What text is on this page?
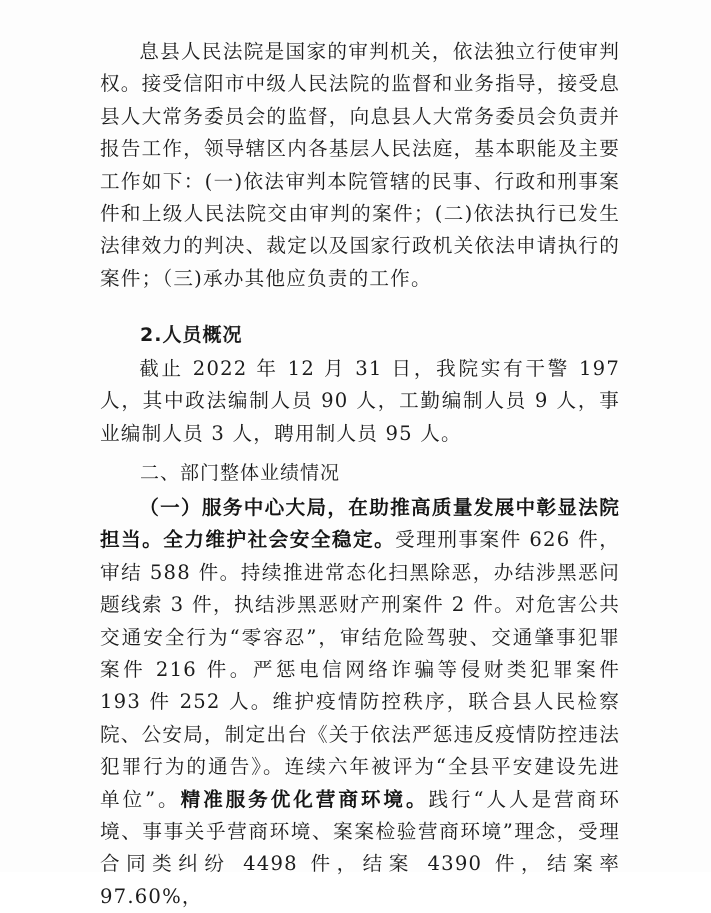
息县人民法院是国家的审判机关，依法独立行使审判权。接受信阳市中级人民法院的监督和业务指导，接受息县人大常务委员会的监督，向息县人大常务委员会负责并报告工作，领导辖区内各基层人民法庭，基本职能及主要工作如下：(一)依法审判本院管辖的民事、行政和刑事案件和上级人民法院交由审判的案件；(二)依法执行已发生法律效力的判决、裁定以及国家行政机关依法申请执行的案件；（三)承办其他应负责的工作。

2.人员概况

截止 2022 年 12 月 31 日，我院实有干警 197 人，其中政法编制人员 90 人，工勤编制人员 9 人，事业编制人员 3 人，聘用制人员 95 人。

二、部门整体业绩情况

（一）服务中心大局，在助推高质量发展中彰显法院担当。全力维护社会安全稳定。受理刑事案件 626 件，审结 588 件。持续推进常态化扫黑除恶，办结涉黑恶问题线索 3 件，执结涉黑恶财产刑案件 2 件。对危害公共交通安全行为“零容忍”，审结危险驾驶、交通肇事犯罪案件 216 件。严惩电信网络诈骗等侵财类犯罪案件 193 件 252 人。维护疫情防控秩序，联合县人民检察院、公安局，制定出台《关于依法严惩违反疫情防控违法犯罪行为的通告》。连续六年被评为“全县平安建设先进单位”。精准服务优化营商环境。践行“人人是营商环境、事事关乎营商环境、案案检验营商环境”理念，受理合同类纠纷 4498 件，结案 4390 件，结案率 97.60%，
